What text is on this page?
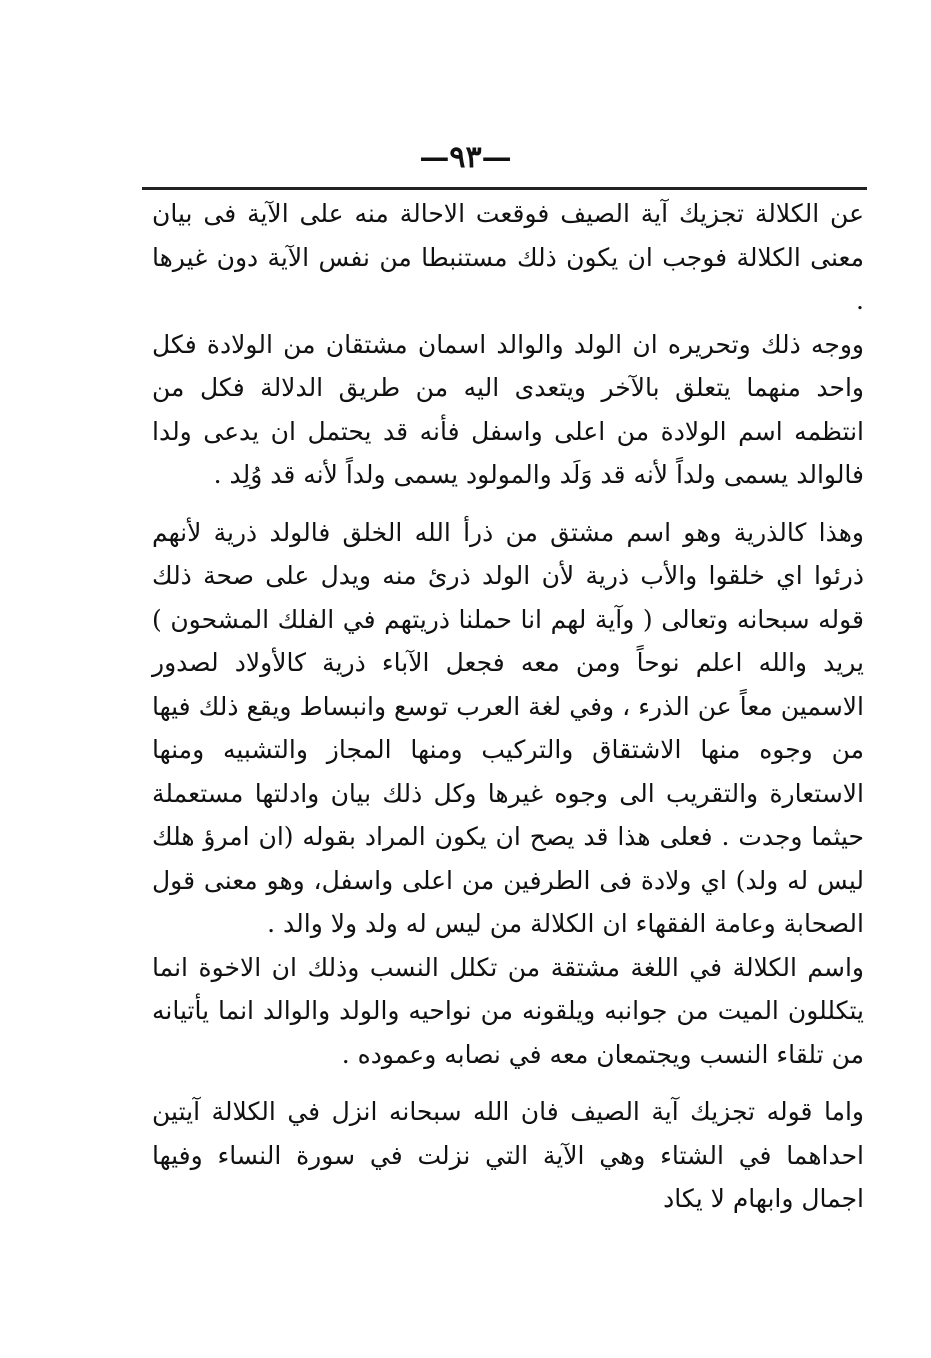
—٩٣—

عن الكلالة تجزيك آية الصيف فوقعت الاحالة منه على الآية فى بيان معنى الكلالة فوجب ان يكون ذلك مستنبطا من نفس الآية دون غيرها .

ووجه ذلك وتحريره ان الولد والوالد اسمان مشتقان من الولادة فكل واحد منهما يتعلق بالآخر ويتعدى اليه من طريق الدلالة فكل من انتظمه اسم الولادة من اعلى واسفل فأنه قد يحتمل ان يدعى ولدا فالوالد يسمى ولداً لأنه قد وَلَد والمولود يسمى ولداً لأنه قد وُلِد .

وهذا كالذرية وهو اسم مشتق من ذرأ الله الخلق فالولد ذرية لأنهم ذرئوا اي خلقوا والأب ذرية لأن الولد ذرئ منه ويدل على صحة ذلك قوله سبحانه وتعالى ( وآية لهم انا حملنا ذريتهم في الفلك المشحون ) يريد والله اعلم نوحاً ومن معه فجعل الآباء ذرية كالأولاد لصدور الاسمين معاً عن الذرء ، وفي لغة العرب توسع وانبساط ويقع ذلك فيها من وجوه منها الاشتقاق والتركيب ومنها المجاز والتشبيه ومنها الاستعارة والتقريب الى وجوه غيرها وكل ذلك بيان وادلتها مستعملة حيثما وجدت . فعلى هذا قد يصح ان يكون المراد بقوله (ان امرؤ هلك ليس له ولد) اي ولادة فى الطرفين من اعلى واسفل، وهو معنى قول الصحابة وعامة الفقهاء ان الكلالة من ليس له ولد ولا والد .

واسم الكلالة في اللغة مشتقة من تكلل النسب وذلك ان الاخوة انما يتكللون الميت من جوانبه ويلقونه من نواحيه والولد والوالد انما يأتيانه من تلقاء النسب ويجتمعان معه في نصابه وعموده .

واما قوله تجزيك آية الصيف فان الله سبحانه انزل في الكلالة آيتين احداهما في الشتاء وهي الآية التي نزلت في سورة النساء وفيها اجمال وابهام لا يكاد
